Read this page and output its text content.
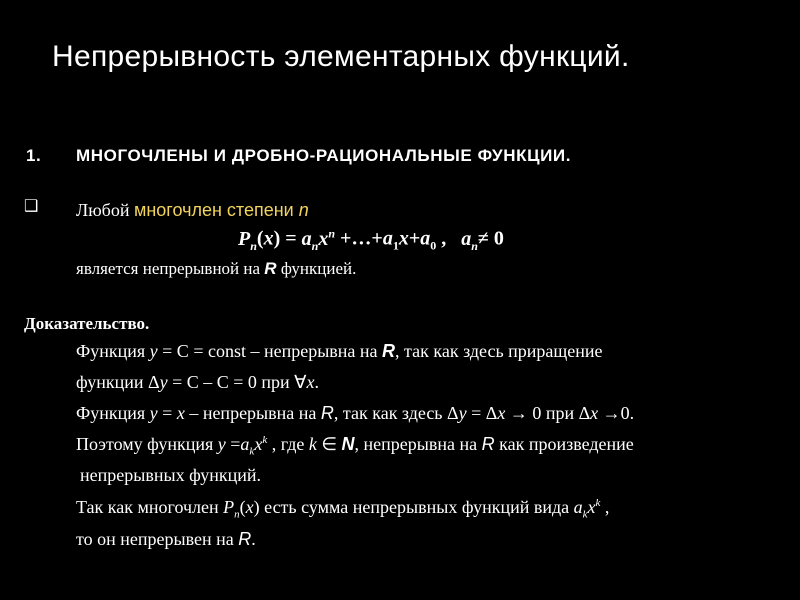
Непрерывность элементарных функций.
1. МНОГОЧЛЕНЫ И ДРОБНО-РАЦИОНАЛЬНЫЕ ФУНКЦИИ.
❑ Любой многочлен степени n
$P_n(x) = a_nx^n$ $+\dots+a_1x+a_0$ ,   $a_n\ne 0$
является непрерывной на R функцией.
Доказательство.
Функция y = C = const – непрерывна на R, так как здесь приращение
функции Δy = C – C = 0 при ∀x.
Функция y = x – непрерывна на R, так как здесь Δy = Δx → 0 при Δx →0.
Поэтому функция $y =a_kx^k$ , где k ∈ N, непрерывна на R как произведение
непрерывных функций.
Так как многочлен $P_n(x)$ есть сумма непрерывных функций вида $a_kx^k$ ,
то он непрерывен на R.
